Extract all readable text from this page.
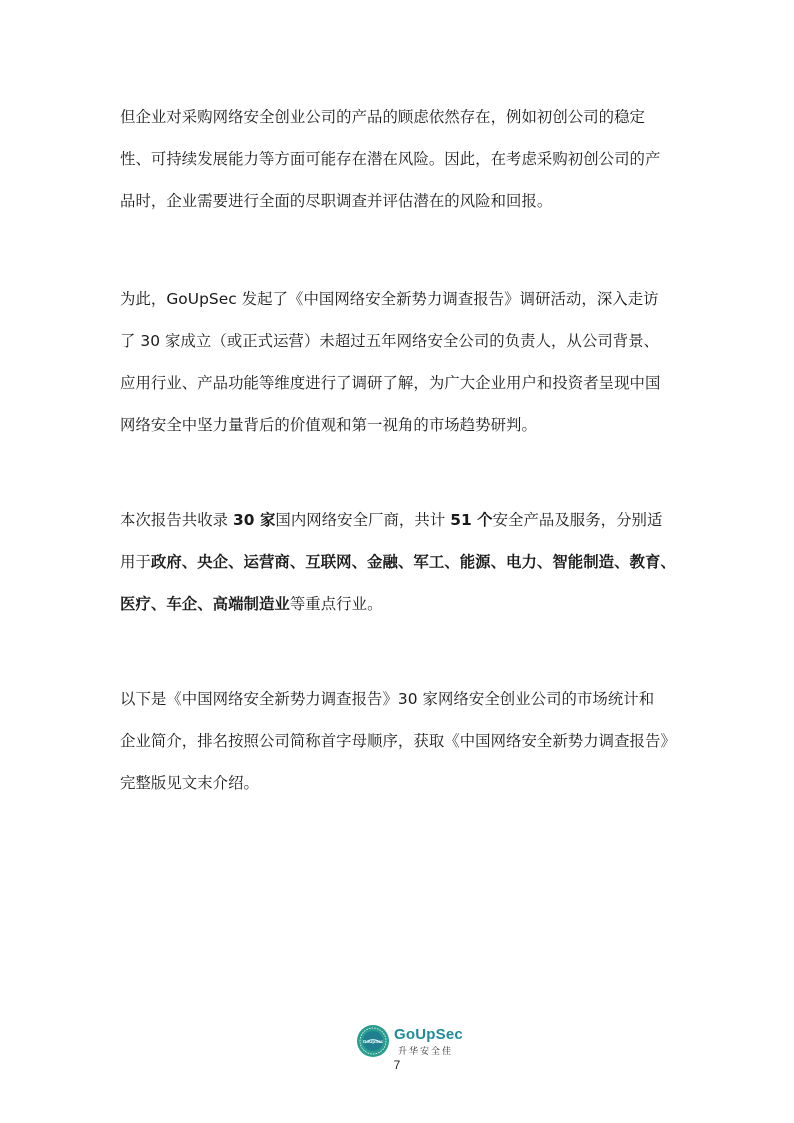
但企业对采购网络安全创业公司的产品的顾虑依然存在，例如初创公司的稳定
性、可持续发展能力等方面可能存在潜在风险。因此，在考虑采购初创公司的产
品时，企业需要进行全面的尽职调查并评估潜在的风险和回报。

为此，GoUpSec 发起了《中国网络安全新势力调查报告》调研活动，深入走访
了 30 家成立（或正式运营）未超过五年网络安全公司的负责人，从公司背景、
应用行业、产品功能等维度进行了调研了解，为广大企业用户和投资者呈现中国
网络安全中坚力量背后的价值观和第一视角的市场趋势研判。

本次报告共收录 30 家国内网络安全厂商，共计 51 个安全产品及服务，分别适
用于政府、央企、运营商、互联网、金融、军工、能源、电力、智能制造、教育、
医疗、车企、高端制造业等重点行业。

以下是《中国网络安全新势力调查报告》30 家网络安全创业公司的市场统计和
企业简介，排名按照公司简称首字母顺序，获取《中国网络安全新势力调查报告》
完整版见文末介绍。

GoUpSec GoUpSec
升华安全佳
7
